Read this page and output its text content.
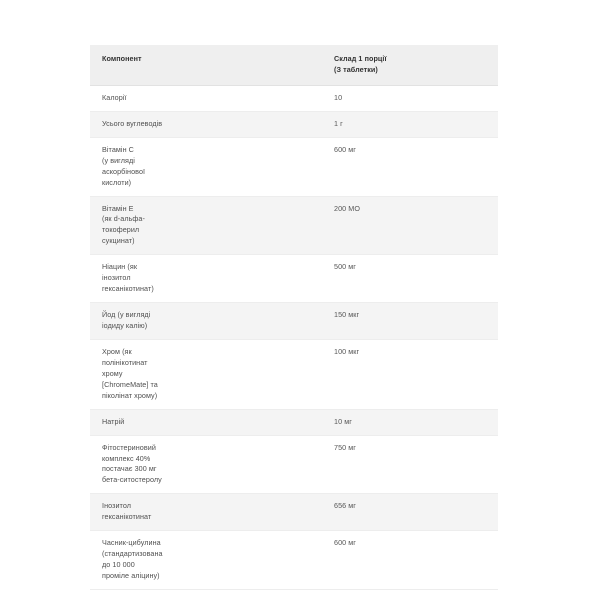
Компонент	Склад 1 порції
(З таблетки)

Калорії	10

Усього вуглеводів	1 г

Вітамін С
(у вигляді
аскорбінової
кислоти)	600 мг

Вітамін Е
(як d-альфа-
токоферил
сукцинат)	200 МО

Ніацин (як
інозитол
гексанікотинат)	500 мг

Йод (у вигляді
іодиду калію)	150 мкг

Хром (як
полінікотинат
хрому
[ChromeMate] та
піколінат хрому)	100 мкг

Натрій	10 мг

Фітостериновий
комплекс 40%
постачає 300 мг
бета-ситостеролу	750 мг

Інозитол
гексанікотинат	656 мг

Часник-цибулина
(стандартизована
до 10 000
проміле аліцину)	600 мг
